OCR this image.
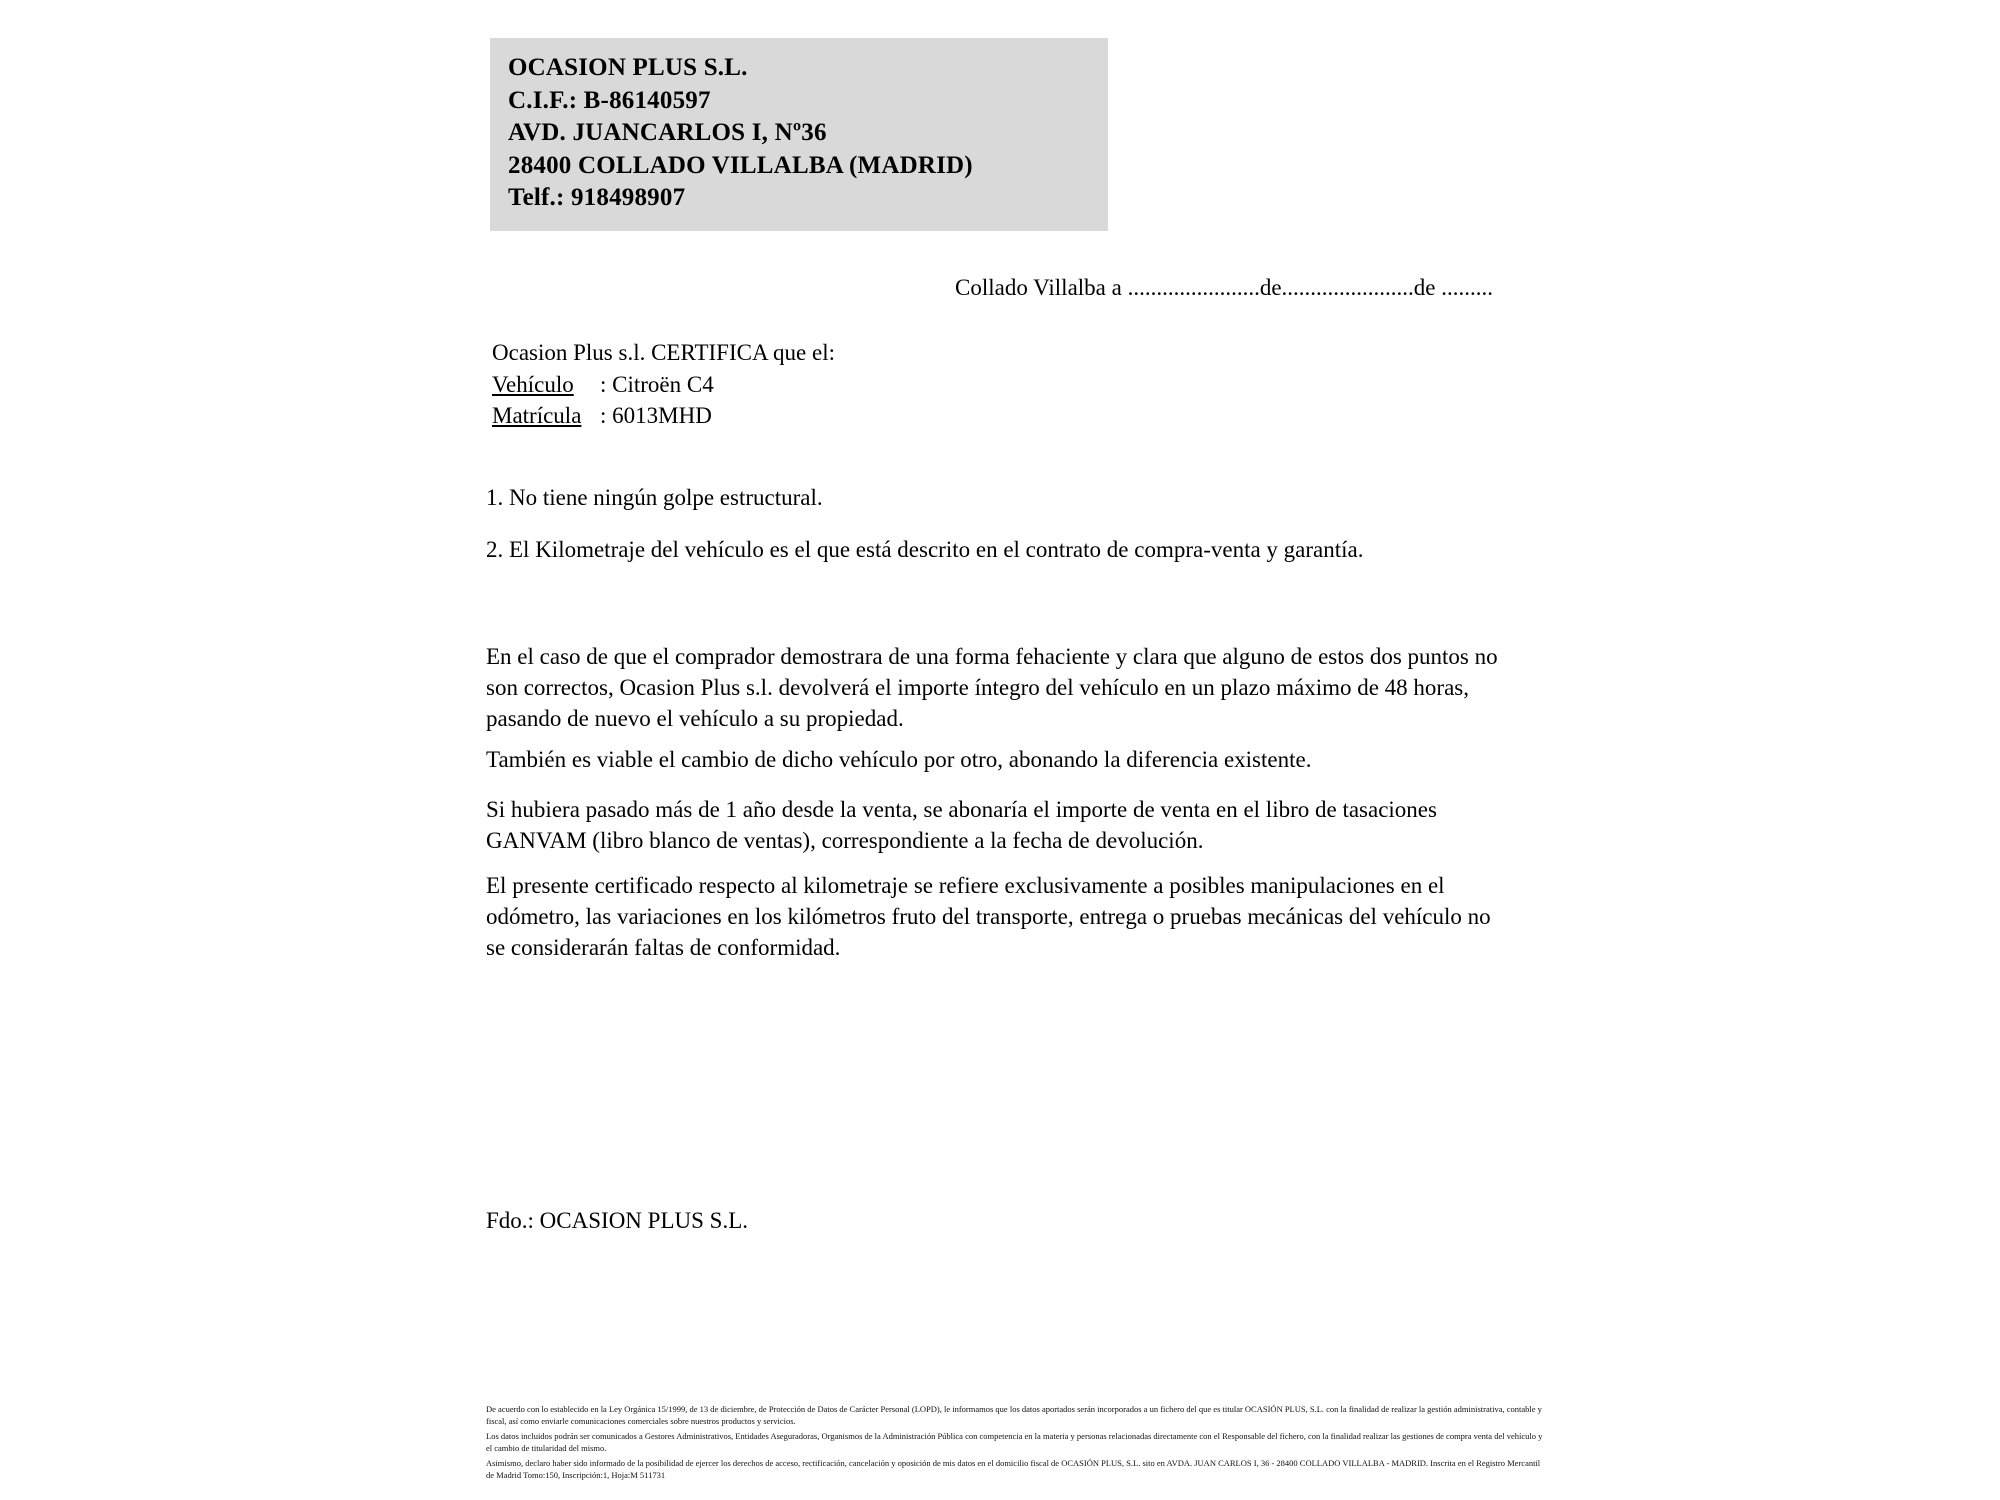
OCASION PLUS S.L.
C.I.F.: B-86140597
AVD. JUANCARLOS I, Nº36
28400 COLLADO VILLALBA (MADRID)
Telf.: 918498907
Collado Villalba a .......................de.......................de .........
Ocasion Plus s.l. CERTIFICA que el:
Vehículo : Citroën C4
Matrícula : 6013MHD
1. No tiene ningún golpe estructural.
2. El Kilometraje del vehículo es el que está descrito en el contrato de compra-venta y garantía.
En el caso de que el comprador demostrara de una forma fehaciente y clara que alguno de estos dos puntos no son correctos, Ocasion Plus s.l. devolverá el importe íntegro del vehículo en un plazo máximo de 48 horas, pasando de nuevo el vehículo a su propiedad.
También es viable el cambio de dicho vehículo por otro, abonando la diferencia existente.
Si hubiera pasado más de 1 año desde la venta, se abonaría el importe de venta en el libro de tasaciones GANVAM (libro blanco de ventas), correspondiente a la fecha de devolución.
El presente certificado respecto al kilometraje se refiere exclusivamente a posibles manipulaciones en el odómetro, las variaciones en los kilómetros fruto del transporte, entrega o pruebas mecánicas del vehículo no se considerarán faltas de conformidad.
Fdo.: OCASION PLUS S.L.

De acuerdo con lo establecido en la Ley Orgánica 15/1999, de 13 de diciembre, de Protección de Datos de Carácter Personal (LOPD), le informamos que los datos aportados serán incorporados a un fichero del que es titular OCASIÓN PLUS, S.L. con la finalidad de realizar la gestión administrativa, contable y fiscal, así como enviarle comunicaciones comerciales sobre nuestros productos y servicios.

Los datos incluidos podrán ser comunicados a Gestores Administrativos, Entidades Aseguradoras, Organismos de la Administración Pública con competencia en la materia y personas relacionadas directamente con el Responsable del fichero, con la finalidad realizar las gestiones de compra venta del vehículo y el cambio de titularidad del mismo.

Asimismo, declaro haber sido informado de la posibilidad de ejercer los derechos de acceso, rectificación, cancelación y oposición de mis datos en el domicilio fiscal de OCASIÓN PLUS, S.L. sito en AVDA. JUAN CARLOS I, 36 - 28400 COLLADO VILLALBA - MADRID. Inscrita en el Registro Mercantil de Madrid Tomo:150, Inscripción:1, Hoja:M 511731
